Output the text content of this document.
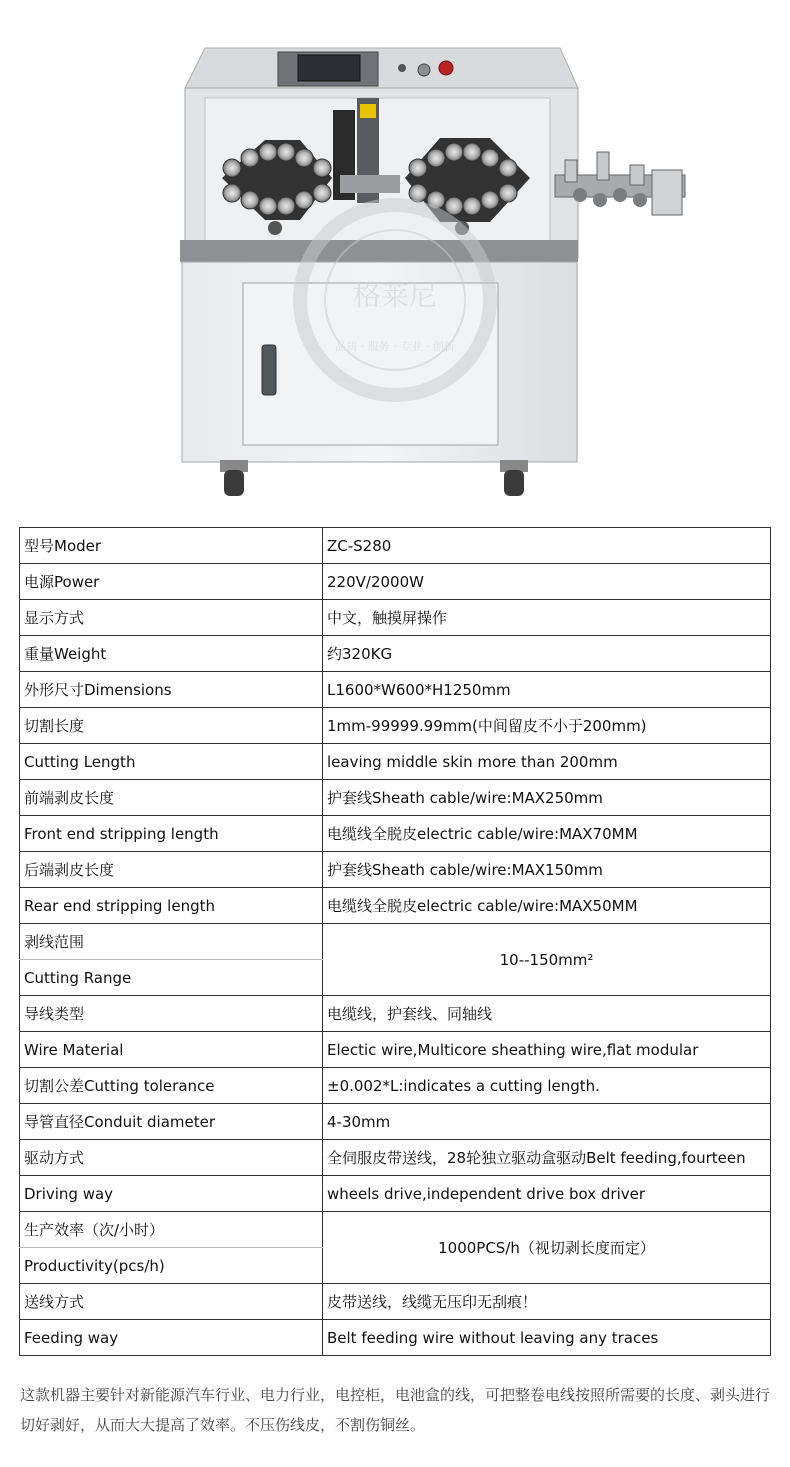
格莱尼
品质 · 服务 · 专业 · 创新
型号Moder	ZC-S280
电源Power	220V/2000W
显示方式	中文，触摸屏操作
重量Weight	约320KG
外形尺寸Dimensions	L1600*W600*H1250mm
切割长度	1mm-99999.99mm(中间留皮不小于200mm)
Cutting Length	leaving middle skin more than 200mm
前端剥皮长度	护套线Sheath cable/wire:MAX250mm
Front end stripping length	电缆线全脱皮electric cable/wire:MAX70MM
后端剥皮长度	护套线Sheath cable/wire:MAX150mm
Rear end stripping length	电缆线全脱皮electric cable/wire:MAX50MM
剥线范围	10--150mm²
Cutting Range	
导线类型	电缆线，护套线、同轴线
Wire Material	Electic wire,Multicore sheathing wire,flat modular
切割公差Cutting tolerance	±0.002*L:indicates a cutting length.
导管直径Conduit diameter	4-30mm
驱动方式	全伺服皮带送线，28轮独立驱动盒驱动Belt feeding,fourteen
Driving way	wheels drive,independent drive box driver
生产效率（次/小时）	1000PCS/h（视切剥长度而定）
Productivity(pcs/h)	
送线方式	皮带送线，线缆无压印无刮痕！
Feeding way	Belt feeding wire without leaving any traces

这款机器主要针对新能源汽车行业、电力行业，电控柜，电池盒的线，可把整卷电线按照所需要的长度、剥头进行切好剥好，从而大大提高了效率。不压伤线皮，不割伤铜丝。
